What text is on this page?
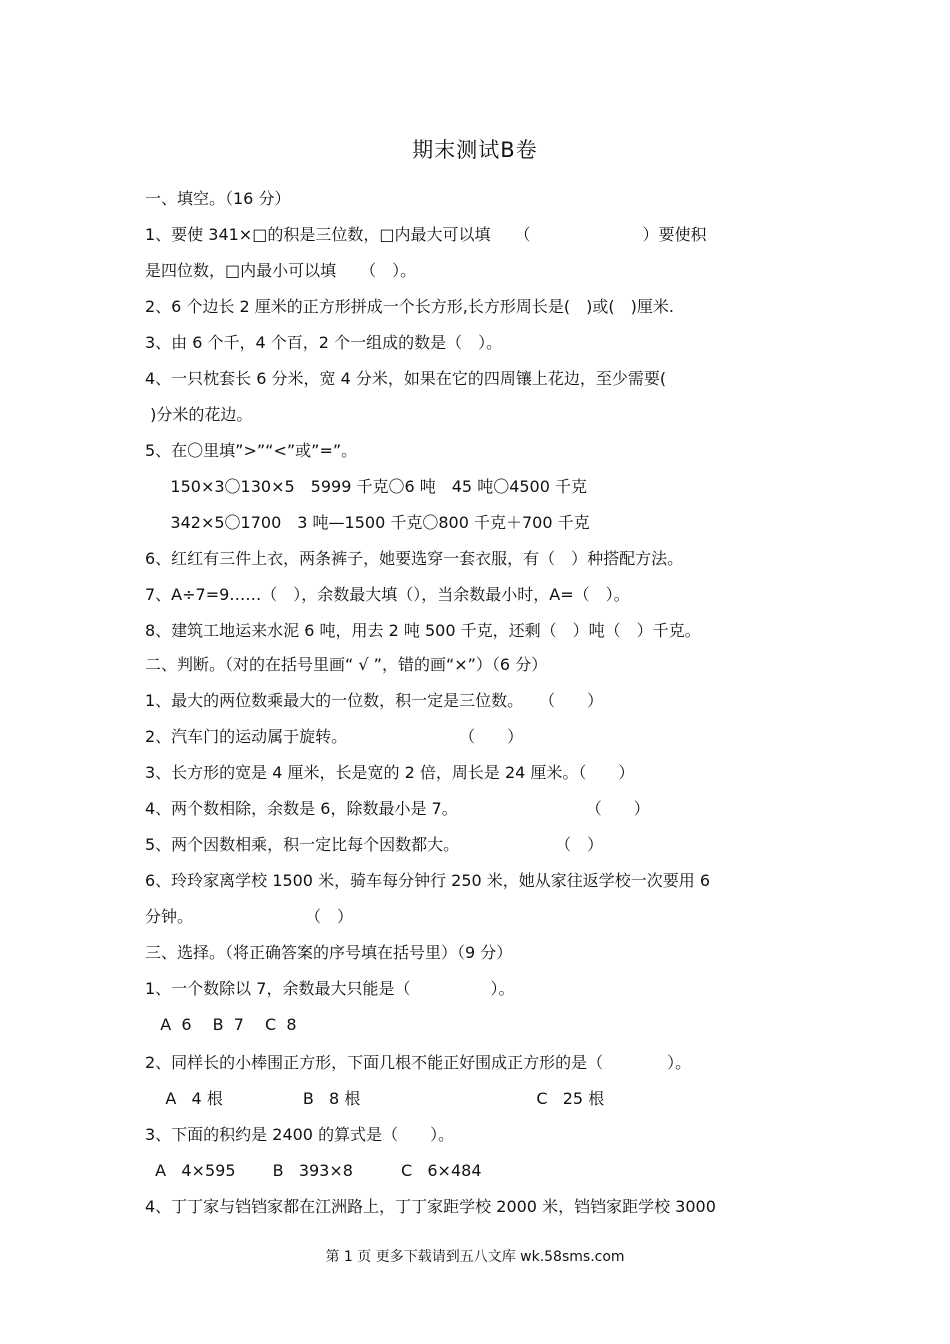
期末测试B卷
一、填空。（16 分）
1、要使 341×□的积是三位数，□内最大可以填　　（　　　　　　　）要使积
是四位数，□内最小可以填　　（　）。
2、6 个边长 2 厘米的正方形拼成一个长方形,长方形周长是(　)或(　)厘米.
3、由 6 个千，4 个百，2 个一组成的数是（　）。
4、一只枕套长 6 分米，宽 4 分米，如果在它的四周镶上花边，至少需要(
)分米的花边。
5、在〇里填”>”“<”或”=”。
150×3〇130×5　5999 千克〇6 吨　45 吨〇4500 千克
342×5〇1700　3 吨—1500 千克〇800 千克＋700 千克
6、红红有三件上衣，两条裤子，她要选穿一套衣服，有（　）种搭配方法。
7、A÷7=9……（　），余数最大填（），当余数最小时，A=（　）。
8、建筑工地运来水泥 6 吨，用去 2 吨 500 千克，还剩（　）吨（　）千克。
二、判断。（对的在括号里画“ √ ”，错的画“×”）（6 分）
1、最大的两位数乘最大的一位数，积一定是三位数。　　（　　）
2、汽车门的运动属于旋转。　　　　　　　　（　　）
3、长方形的宽是 4 厘米，长是宽的 2 倍，周长是 24 厘米。（　　）
4、两个数相除，余数是 6，除数最小是 7。　　　　　　　　　（　　）
5、两个因数相乘，积一定比每个因数都大。　　　　　　　（　）
6、玲玲家离学校 1500 米，骑车每分钟行 250 米，她从家往返学校一次要用 6
分钟。　　　　　　　　（　）
三、选择。（将正确答案的序号填在括号里）（9 分）
1、一个数除以 7，余数最大只能是（　　　　　）。
A  6　 B  7　 C  8
2、同样长的小棒围正方形，下面几根不能正好围成正方形的是（　　　　）。
A   4 根　　　　　B   8 根　　　　　　　　　　　C   25 根
3、下面的积约是 2400 的算式是（　　）。
A   4×595　　 B   393×8　　　C   6×484
4、丁丁家与铛铛家都在江洲路上，丁丁家距学校 2000 米，铛铛家距学校 3000
第 1 页 更多下载请到五八文库 wk.58sms.com
